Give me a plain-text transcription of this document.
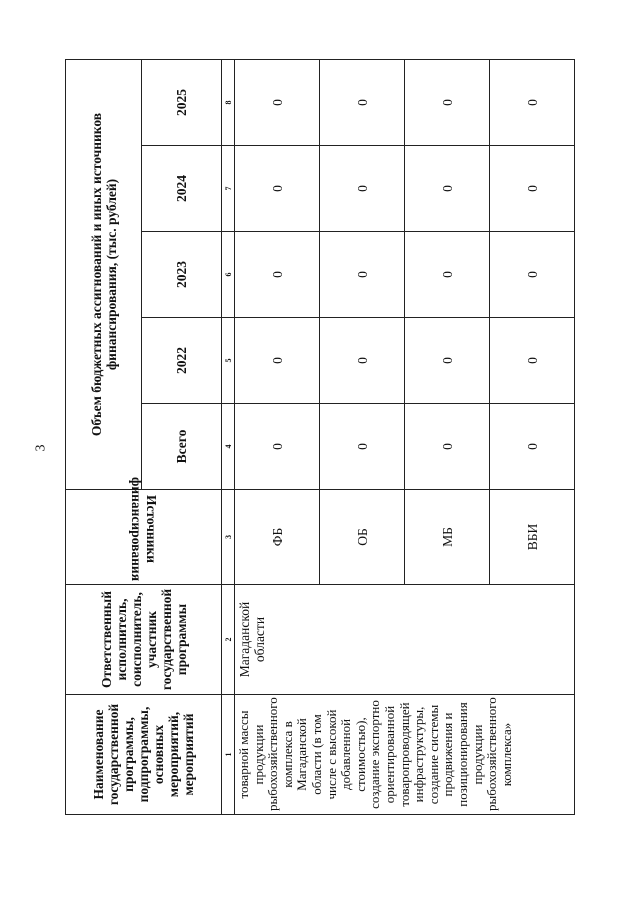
3
Наименование государственной программы, подпрограммы, основных мероприятий, мероприятий	Ответственный исполнитель, соисполнитель, участник государственной программы	Источники финансирования	Объем бюджетных ассигнований и иных источников финансирования, (тыс. рублей)				
			Всего	2022	2023	2024	2025
1	2	3	4	5	6	7	8
товарной массы продукции рыбохозяйственного комплекса в Магаданской области (в том числе с высокой добавленной стоимостью), создание экспортно ориентированной товаропроводящей инфраструктуры, создание системы продвижения и позиционирования продукции рыбохозяйственного комплекса»	Магаданской области	ФБ	0	0	0	0	0
		ОБ	0	0	0	0	0
		МБ	0	0	0	0	0
		ВБИ	0	0	0	0	0
